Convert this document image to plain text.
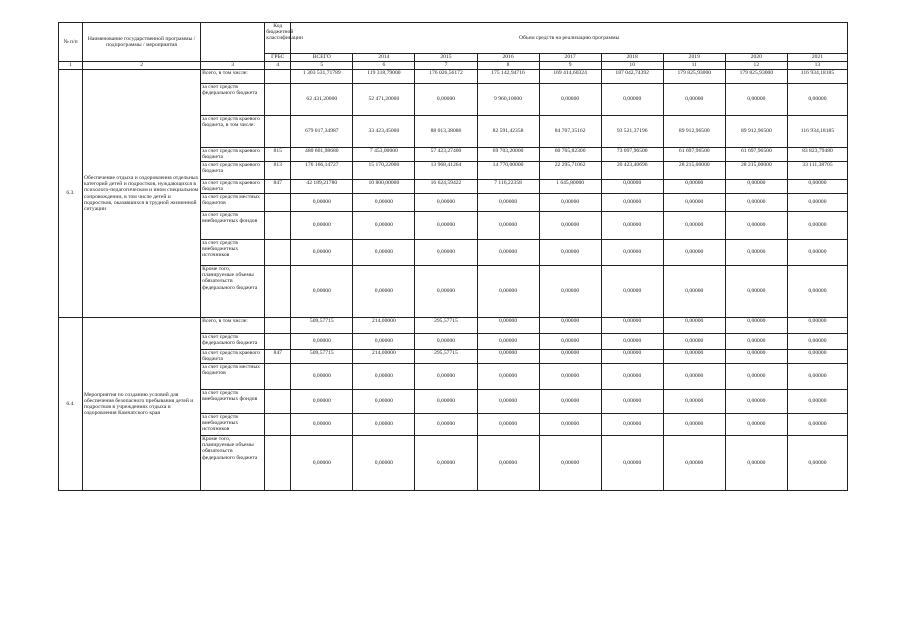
№ п/п	Наименование государственной программы / подпрограммы / мероприятия		Код бюджетной классификации	Объем средств на реализацию программы								
			ГРБС	ВСЕГО	2014	2015	2016	2017	2018	2019	2020	2021
1	2	3	4	5	6	7	8	9	10	11	12	13
6.3.	Обеспечение отдыха и оздоровления отдельных категорий детей и подростков, нуждающихся в психолого-педагогическом и ином специальном сопровождении, в том числе детей и подростков, оказавшихся в трудной жизненной ситуации	Всего, в том числе:		1 303 531,71789	119 318,79000	176 026,56172	175 142,94716	169 414,60324	187 042,74392	179 825,93000	179 825,93000	116 934,18185
		за счет средств федерального бюджета		62 431,20000	52 471,20000	0,00000	9 960,10000	0,00000	0,00000	0,00000	0,00000	0,00000
		за счет средств краевого бюджета, в том числе:		679 017,34987	33 423,45000	88 013,38086	82 591,42358	84 707,35162	93 521,37196	89 912,96500	89 912,96500	116 934,18185
		за счет средств краевого бюджета	815	480 661,98680	7 453,00000	57 423,27400	69 703,20000	60 765,82300	73 097,96500	61 697,96500	61 697,96500	83 823,79480
		за счет средств краевого бюджета	813	176 166,14727	15 170,22000	13 968,41264	14 770,00000	22 295,71062	20 423,40696	28 215,00000	28 215,00000	33 111,38705
		за счет средств краевого бюджета	847	42 189,21780	10 800,00000	16 624,59422	7 116,22358	1 645,80000	0,00000	0,00000	0,00000	0,00000
		за счет средств местных бюджетов		0,00000	0,00000	0,00000	0,00000	0,00000	0,00000	0,00000	0,00000	0,00000
		за счет средств внебюджетных фондов		0,00000	0,00000	0,00000	0,00000	0,00000	0,00000	0,00000	0,00000	0,00000
		за счет средств внебюджетных источников		0,00000	0,00000	0,00000	0,00000	0,00000	0,00000	0,00000	0,00000	0,00000
		Кроме того, планируемые объемы обязательств федерального бюджета		0,00000	0,00000	0,00000	0,00000	0,00000	0,00000	0,00000	0,00000	0,00000
6.4.	Мероприятия по созданию условий для обеспечения безопасного пребывания детей и подростков в учреждениях отдыха и оздоровления Камчатского края	Всего, в том числе:		509,57715	214,00000	295,57715	0,00000	0,00000	0,00000	0,00000	0,00000	0,00000
		за счет средств федерального бюджета		0,00000	0,00000	0,00000	0,00000	0,00000	0,00000	0,00000	0,00000	0,00000
		за счет средств краевого бюджета	847	509,57715	214,00000	295,57715	0,00000	0,00000	0,00000	0,00000	0,00000	0,00000
		за счет средств местных бюджетов		0,00000	0,00000	0,00000	0,00000	0,00000	0,00000	0,00000	0,00000	0,00000
		за счет средств внебюджетных фондов		0,00000	0,00000	0,00000	0,00000	0,00000	0,00000	0,00000	0,00000	0,00000
		за счет средств внебюджетных источников		0,00000	0,00000	0,00000	0,00000	0,00000	0,00000	0,00000	0,00000	0,00000
		Кроме того, планируемые объемы обязательств федерального бюджета		0,00000	0,00000	0,00000	0,00000	0,00000	0,00000	0,00000	0,00000	0,00000
